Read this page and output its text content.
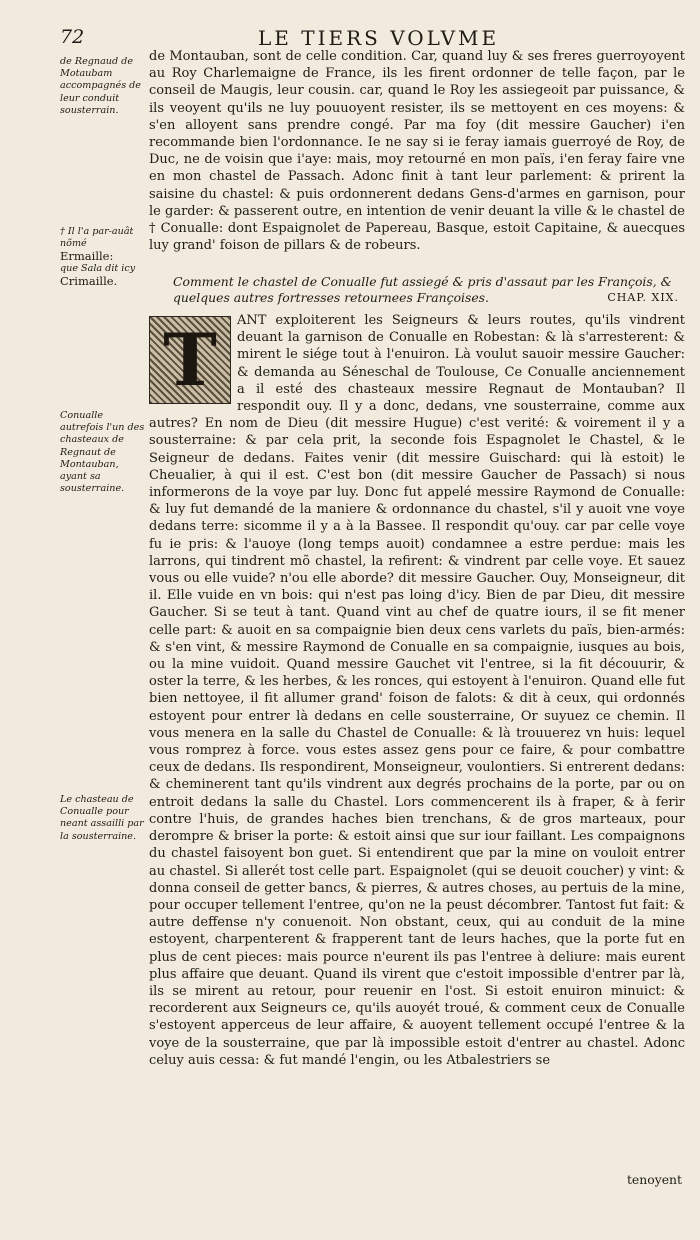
72	LE TIERS VOLVME
de Regnaud de Motaubam accompagnés de leur conduit sousterrain.
† Il l'a par-auât nõmé
Ermaille:
que Sala dit icy
Crimaille.
Conualle autrefois l'un des chasteaux de Regnaut de Montauban, ayant sa sousterraine.
Le chasteau de Conualle pour neant assailli par la sousterraine.

de Montauban, sont de celle condition. Car, quand luy & ses freres guerroyoyent au Roy Charlemaigne de France, ils les firent ordonner de telle façon, par le conseil de Maugis, leur cousin. car, quand le Roy les assiegeoit par puissance, & ils veoyent qu'ils ne luy pouuoyent resister, ils se mettoyent en ces moyens: & s'en alloyent sans prendre congé. Par ma foy (dit messire Gaucher) i'en recommande bien l'ordonnance. Ie ne say si ie feray iamais guerroyé de Roy, de Duc, ne de voisin que i'aye: mais, moy retourné en mon païs, i'en feray faire vne en mon chastel de Passach. Adonc finit à tant leur parlement: & prirent la saisine du chastel: & puis ordonnerent dedans Gens-d'armes en garnison, pour le garder: & passerent outre, en intention de venir deuant la ville & le chastel de † Conualle: dont Espaignolet de Papereau, Basque, estoit Capitaine, & auecques luy grand' foison de pillars & de robeurs.

Comment le chastel de Conualle fut assiegé & pris d'assaut par les François, & quelques autres fortresses retournees Françoises.	CHAP. XIX.
T	ANT exploiterent les Seigneurs & leurs routes, qu'ils vindrent deuant la garnison de Conualle en Robestan: & là s'arresterent: & mirent le siége tout à l'enuiron. Là voulut sauoir messire Gaucher: & demanda au Séneschal de Toulouse, Ce Conualle anciennement a il esté des chasteaux messire Regnaut de Montauban? Il respondit ouy. Il y a donc, dedans, vne sousterraine, comme aux autres? En nom de Dieu (dit messire Hugue) c'est verité: & voirement il y a sousterraine: & par cela prit, la seconde fois Espagnolet le Chastel, & le Seigneur de dedans. Faites venir (dit messire Guischard: qui là estoit) le Cheualier, à qui il est. C'est bon (dit messire Gaucher de Passach) si nous informerons de la voye par luy. Donc fut appelé messire Raymond de Conualle: & luy fut demandé de la maniere & ordonnance du chastel, s'il y auoit vne voye dedans terre: sicomme il y a à la Bassee. Il respondit qu'ouy. car par celle voye fu ie pris: & l'auoye (long temps auoit) condamnee a estre perdue: mais les larrons, qui tindrent mõ chastel, la refirent: & vindrent par celle voye. Et sauez vous ou elle vuide? n'ou elle aborde? dit messire Gaucher. Ouy, Monseigneur, dit il. Elle vuide en vn bois: qui n'est pas loing d'icy. Bien de par Dieu, dit messire Gaucher. Si se teut à tant. Quand vint au chef de quatre iours, il se fit mener celle part: & auoit en sa compaignie bien deux cens varlets du païs, bien-armés: & s'en vint, & messire Raymond de Conualle en sa compaignie, iusques au bois, ou la mine vuidoit. Quand messire Gauchet vit l'entree, si la fit découurir, & oster la terre, & les herbes, & les ronces, qui estoyent à l'enuiron. Quand elle fut bien nettoyee, il fit allumer grand' foison de falots: & dit à ceux, qui ordonnés estoyent pour entrer là dedans en celle sousterraine, Or suyuez ce chemin. Il vous menera en la salle du Chastel de Conualle: & là trouuerez vn huis: lequel vous romprez à force. vous estes assez gens pour ce faire, & pour combattre ceux de dedans. Ils respondirent, Monseigneur, voulontiers. Si entrerent dedans: & cheminerent tant qu'ils vindrent aux degrés prochains de la porte, par ou on entroit dedans la salle du Chastel. Lors commencerent ils à fraper, & à ferir contre l'huis, de grandes haches bien trenchans, & de gros marteaux, pour derompre & briser la porte: & estoit ainsi que sur iour faillant. Les compaignons du chastel faisoyent bon guet. Si entendirent que par la mine on vouloit entrer au chastel. Si allerét tost celle part. Espaignolet (qui se deuoit coucher) y vint: & donna conseil de getter bancs, & pierres, & autres choses, au pertuis de la mine, pour occuper tellement l'entree, qu'on ne la peust décombrer. Tantost fut fait: & autre deffense n'y conuenoit. Non obstant, ceux, qui au conduit de la mine estoyent, charpenterent & frapperent tant de leurs haches, que la porte fut en plus de cent pieces: mais pource n'eurent ils pas l'entree à deliure: mais eurent plus affaire que deuant. Quand ils virent que c'estoit impossible d'entrer par là, ils se mirent au retour, pour reuenir en l'ost. Si estoit enuiron minuict: & recorderent aux Seigneurs ce, qu'ils auoyét troué, & comment ceux de Conualle s'estoyent apperceus de leur affaire, & auoyent tellement occupé l'entree & la voye de la sousterraine, que par là impossible estoit d'entrer au chastel. Adonc celuy auis cessa: & fut mandé l'engin, ou les Atbalestriers se

tenoyent
